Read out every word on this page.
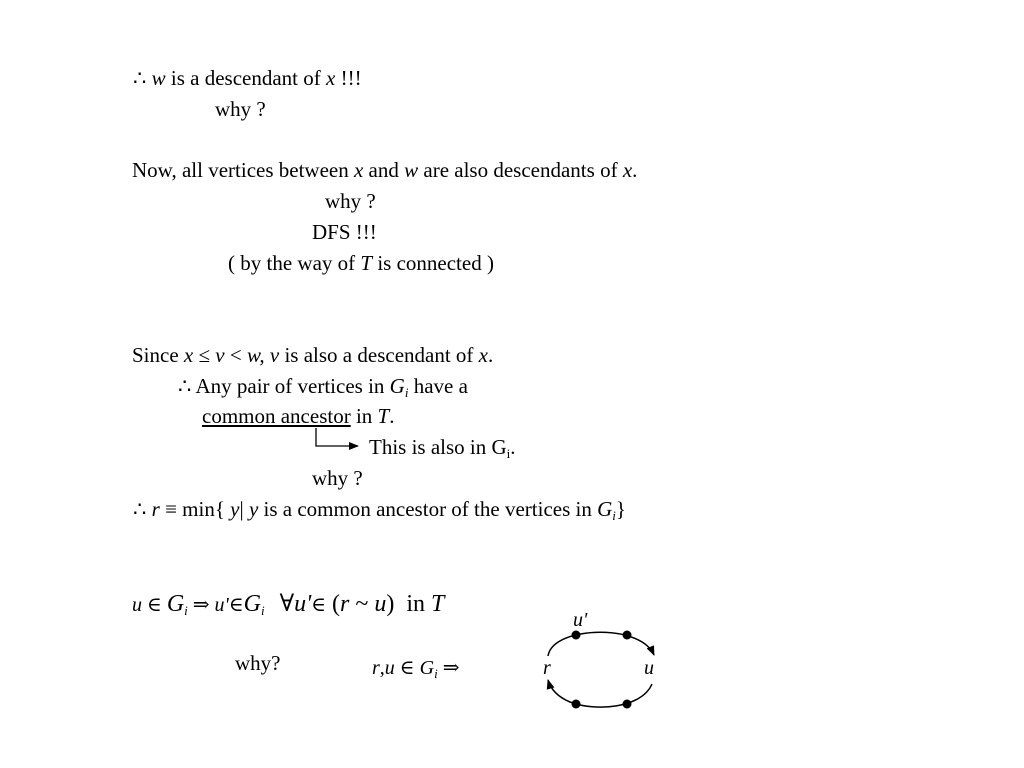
∴ w is a descendant of x !!!
why ?
Now, all vertices between x and w are also descendants of x.
why ?
DFS !!!
( by the way of T is connected )
Since x ≤ v < w, v is also a descendant of x.
∴ Any pair of vertices in $G_i$ have a
common ancestor in T.
This is also in $G_i$.
why ?
∴ r ≡ min{ y| y is a common ancestor of the vertices in $G_i$}
u ∈ $G_i$ ⇒ $u'\in G_i$ ∀u'∈ (r ~ u)  in T
why?	r,u ∈ $G_i$ ⇒
u'
r	u
